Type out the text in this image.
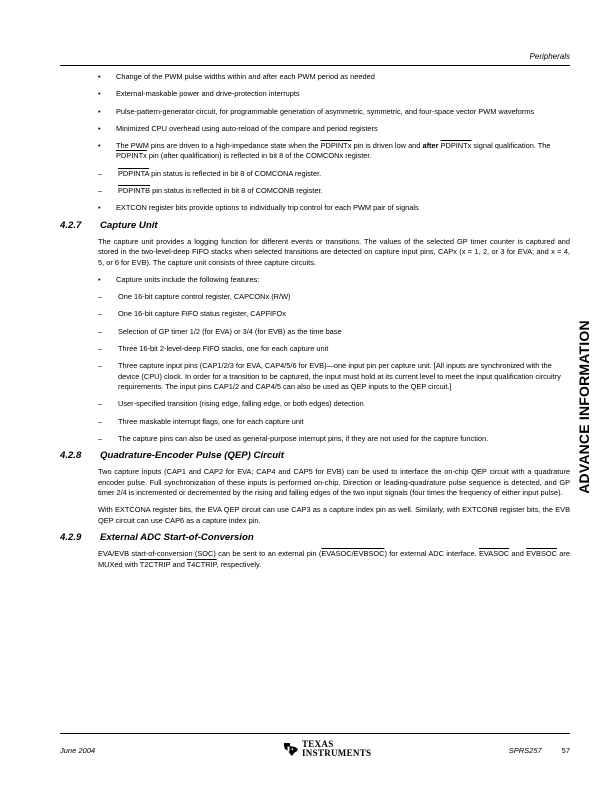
Peripherals
• Change of the PWM pulse widths within and after each PWM period as needed
• External-maskable power and drive-protection interrupts
• Pulse-pattern-generator circuit, for programmable generation of asymmetric, symmetric, and four-space vector PWM waveforms
• Minimized CPU overhead using auto-reload of the compare and period registers
• The PWM pins are driven to a high-impedance state when the PDPINTx pin is driven low and after PDPINTx signal qualification. The PDPINTx pin (after qualification) is reflected in bit 8 of the COMCONx register.
– PDPINTA pin status is reflected in bit 8 of COMCONA register.
– PDPINTB pin status is reflected in bit 8 of COMCONB register.
• EXTCON register bits provide options to individually trip control for each PWM pair of signals
4.2.7 Capture Unit
The capture unit provides a logging function for different events or transitions. The values of the selected GP timer counter is captured and stored in the two-level-deep FIFO stacks when selected transitions are detected on capture input pins, CAPx (x = 1, 2, or 3 for EVA; and x = 4, 5, or 6 for EVB). The capture unit consists of three capture circuits.
• Capture units include the following features:
– One 16-bit capture control register, CAPCONx (R/W)
– One 16-bit capture FIFO status register, CAPFIFOx
– Selection of GP timer 1/2 (for EVA) or 3/4 (for EVB) as the time base
– Three 16-bit 2-level-deep FIFO stacks, one for each capture unit
– Three capture input pins (CAP1/2/3 for EVA, CAP4/5/6 for EVB)—one input pin per capture unit. [All inputs are synchronized with the device (CPU) clock. In order for a transition to be captured, the input must hold at its current level to meet the input qualification circuitry requirements. The input pins CAP1/2 and CAP4/5 can also be used as QEP inputs to the QEP circuit.]
– User-specified transition (rising edge, falling edge, or both edges) detection
– Three maskable interrupt flags, one for each capture unit
– The capture pins can also be used as general-purpose interrupt pins, if they are not used for the capture function.
4.2.8 Quadrature-Encoder Pulse (QEP) Circuit
Two capture inputs (CAP1 and CAP2 for EVA; CAP4 and CAP5 for EVB) can be used to interface the on-chip QEP circuit with a quadrature encoder pulse. Full synchronization of these inputs is performed on-chip. Direction or leading-quadrature pulse sequence is detected, and GP timer 2/4 is incremented or decremented by the rising and falling edges of the two input signals (four times the frequency of either input pulse).
With EXTCONA register bits, the EVA QEP circuit can use CAP3 as a capture index pin as well. Similarly, with EXTCONB register bits, the EVB QEP circuit can use CAP6 as a capture index pin.
4.2.9 External ADC Start-of-Conversion
EVA/EVB start-of-conversion (SOC) can be sent to an external pin (EVASOC/EVBSOC) for external ADC interface. EVASOC and EVBSOC are MUXed with T2CTRIP and T4CTRIP, respectively.
ADVANCE INFORMATION
June 2004
TEXAS
INSTRUMENTS	SPRS257	57
